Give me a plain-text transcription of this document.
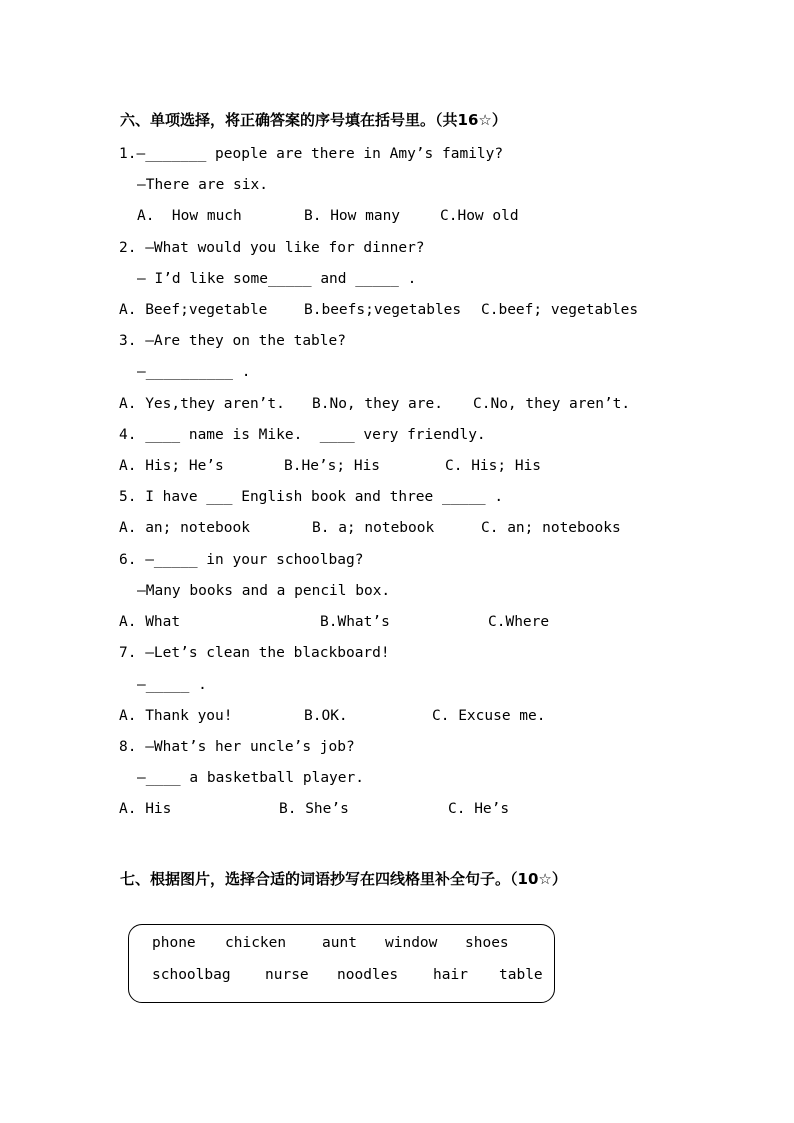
六、单项选择，将正确答案的序号填在括号里。（共16☆）
1.—_______ people are there in Amy’s family?
—There are six.
A.  How much	B. How many	C.How old
2. —What would you like for dinner?
— I’d like some_____ and _____ .
A. Beef;vegetable	B.beefs;vegetables C.beef; vegetables
3. —Are they on the table?
—__________ .
A. Yes,they aren’t. B.No, they are. C.No, they aren’t.
4. ____ name is Mike.  ____ very friendly.
A. His; He’s	B.He’s; His	C. His; His
5. I have ___ English book and three _____ .
A. an; notebook	B. a; notebook	C. an; notebooks
6. —_____ in your schoolbag?
—Many books and a pencil box.
A. What	B.What’s	C.Where
7. —Let’s clean the blackboard!
—_____ .
A. Thank you!	B.OK.	C. Excuse me.
8. —What’s her uncle’s job?
—____ a basketball player.
A. His	B. She’s	C. He’s
七、根据图片，选择合适的词语抄写在四线格里补全句子。（10☆）
phone chicken aunt window shoes
schoolbag nurse noodles hair table
